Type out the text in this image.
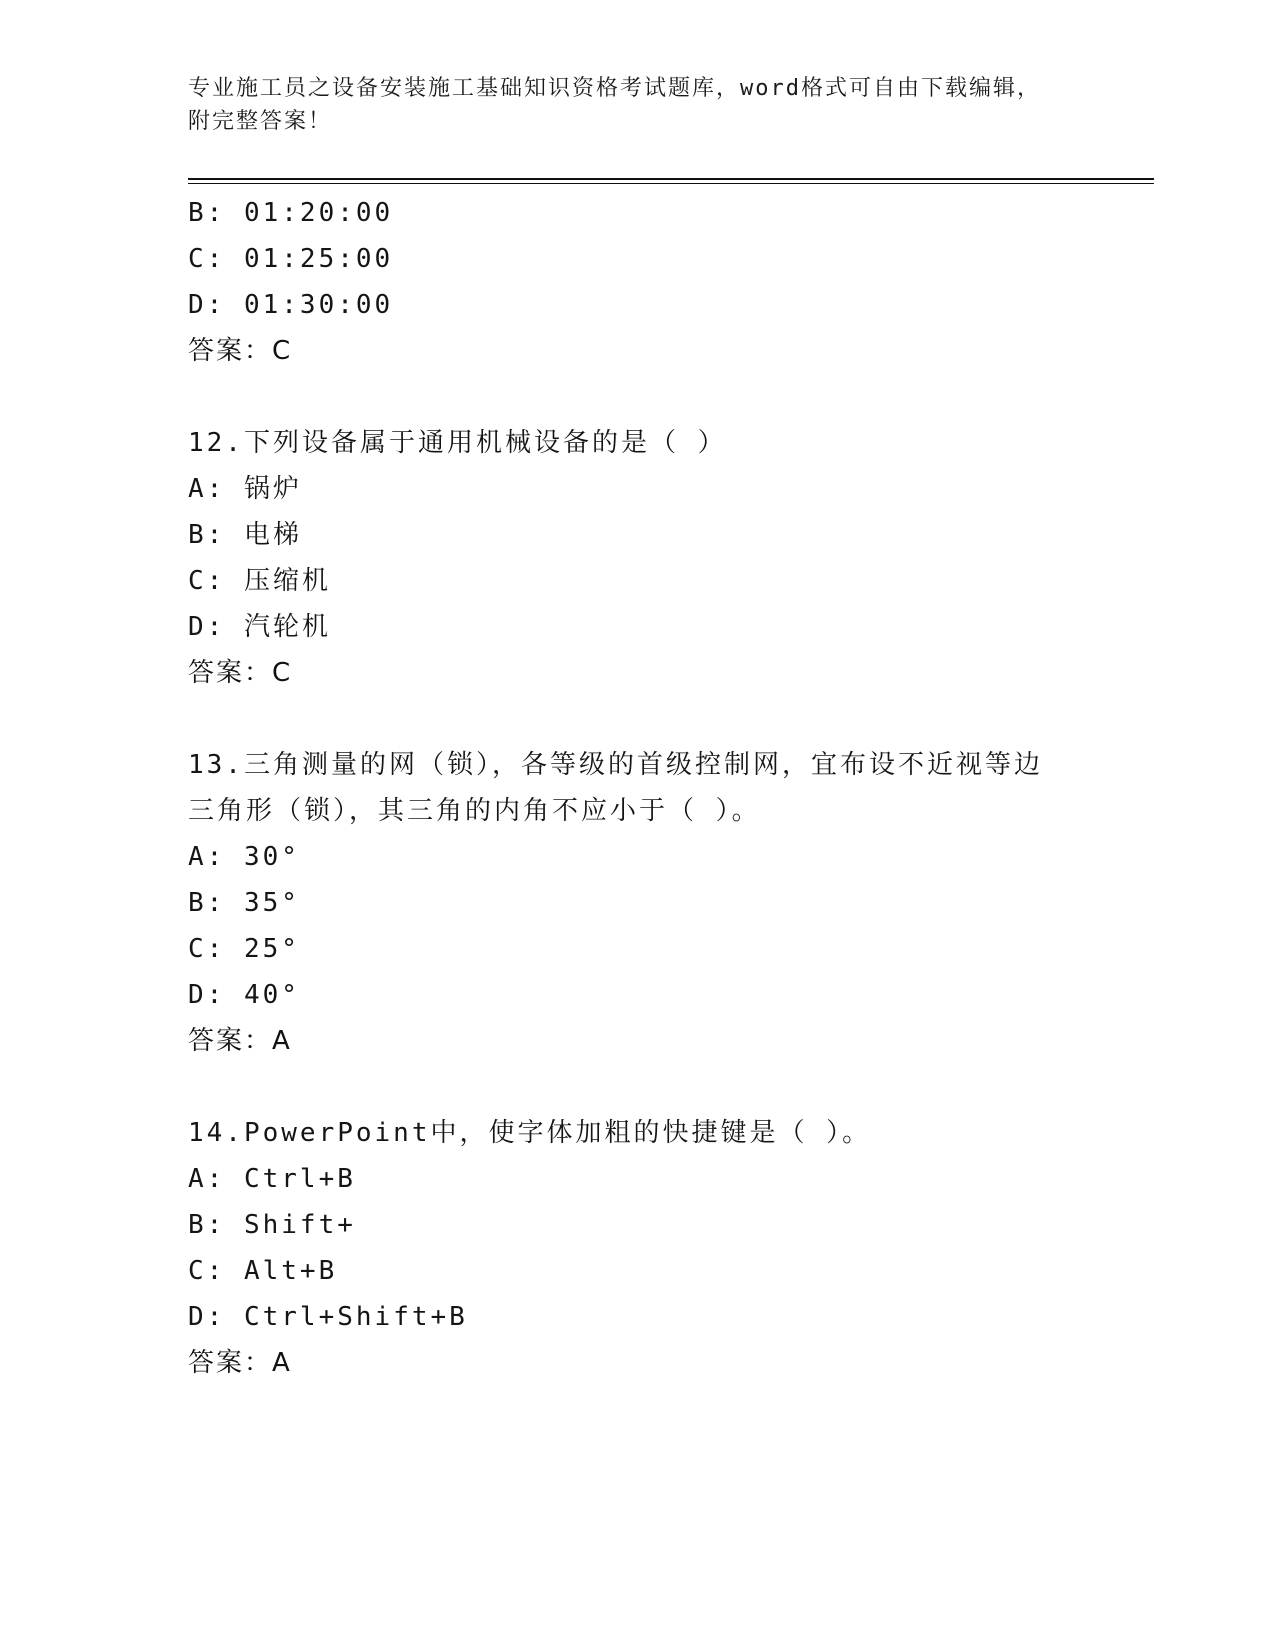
专业施工员之设备安装施工基础知识资格考试题库，word格式可自由下载编辑，
附完整答案！
B: 01:20:00
C: 01:25:00
D: 01:30:00
答案：C
12.下列设备属于通用机械设备的是（ ）
A: 锅炉
B: 电梯
C: 压缩机
D: 汽轮机
答案：C
13.三角测量的网（锁），各等级的首级控制网，宜布设不近视等边三角形（锁），其三角的内角不应小于（ ）。
A: 30°
B: 35°
C: 25°
D: 40°
答案：A
14.PowerPoint中，使字体加粗的快捷键是（ ）。
A: Ctrl+B
B: Shift+
C: Alt+B
D: Ctrl+Shift+B
答案：A
